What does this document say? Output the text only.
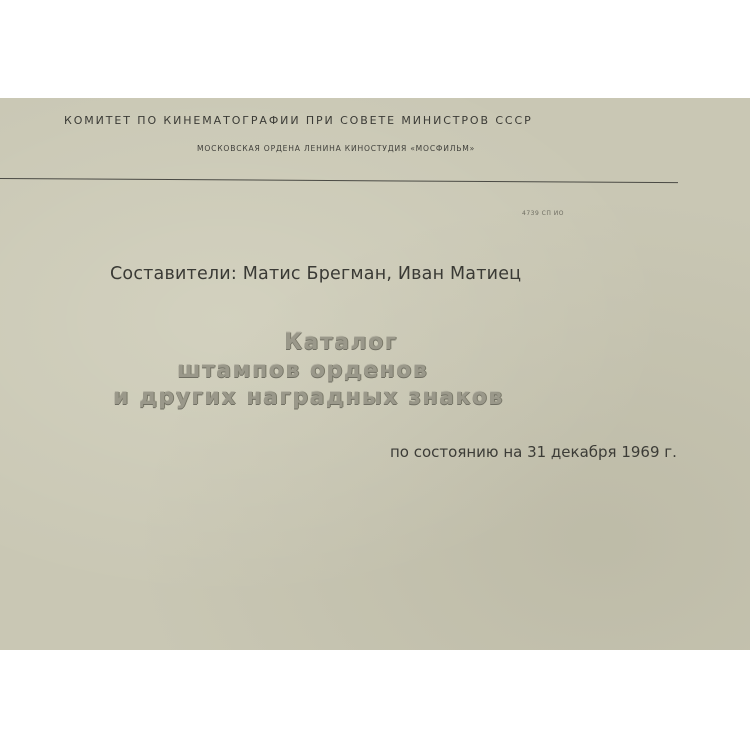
КОМИТЕТ ПО КИНЕМАТОГРАФИИ ПРИ СОВЕТЕ МИНИСТРОВ СССР
МОСКОВСКАЯ ОРДЕНА ЛЕНИНА КИНОСТУДИЯ «МОСФИЛЬМ»
4739 СП ИО
Составители: Матис Брегман, Иван Матиец
Каталог
штампов орденов
и других наградных знаков
по состоянию на 31 декабря 1969 г.
